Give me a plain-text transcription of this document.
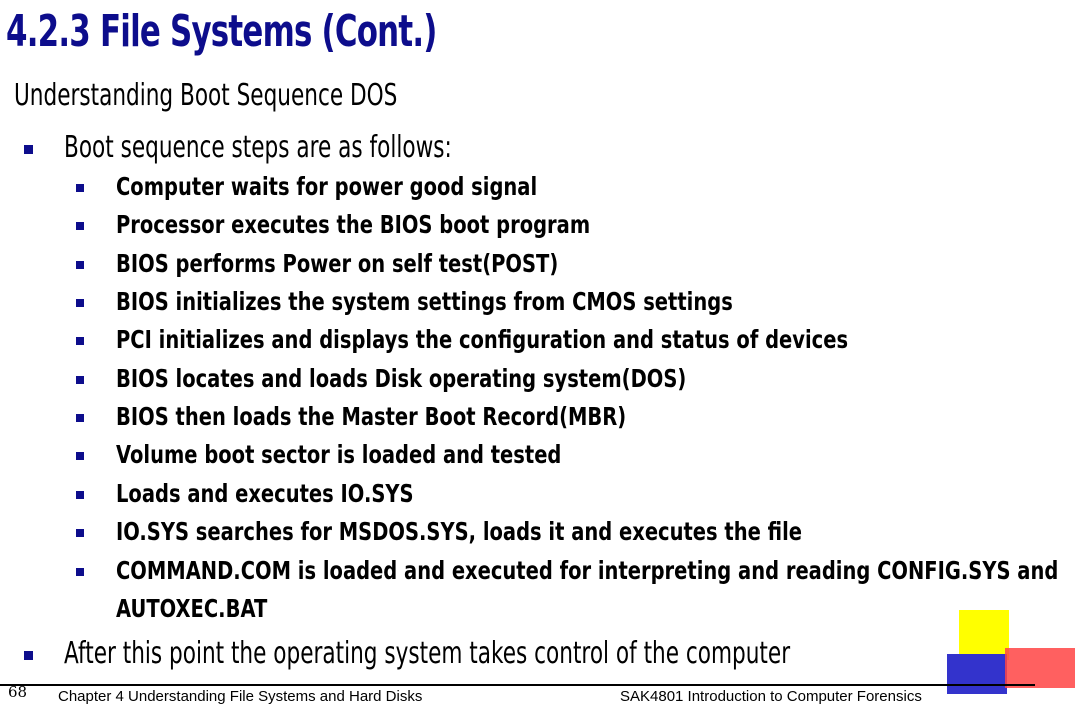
4.2.3 File Systems (Cont.)
Understanding Boot Sequence DOS
Boot sequence steps are as follows:
Computer waits for power good signal
Processor executes the BIOS boot program
BIOS performs Power on self test(POST)
BIOS initializes the system settings from CMOS settings
PCI initializes and displays the configuration and status of devices
BIOS locates and loads Disk operating system(DOS)
BIOS then loads the Master Boot Record(MBR)
Volume boot sector is loaded and tested
Loads and executes IO.SYS
IO.SYS searches for MSDOS.SYS, loads it and executes the file
COMMAND.COM is loaded and executed for interpreting and reading CONFIG.SYS and
AUTOXEC.BAT
After this point the operating system takes control of the computer
68 Chapter 4 Understanding File Systems and Hard Disks	SAK4801 Introduction to Computer Forensics
